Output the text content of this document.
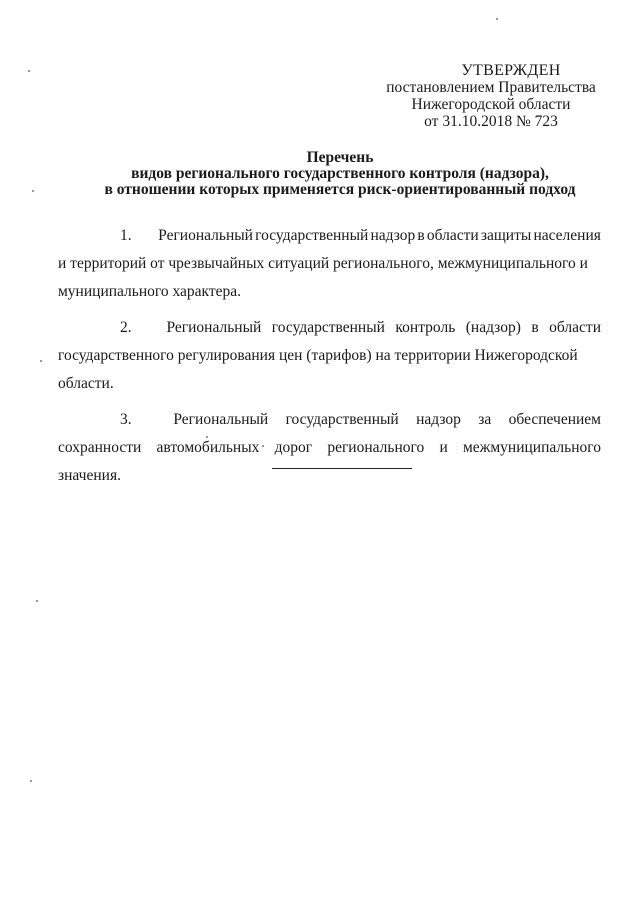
УТВЕРЖДЕН
постановлением Правительства
Нижегородской области
от 31.10.2018 № 723
Перечень
видов регионального государственного контроля (надзора),
в отношении которых применяется риск-ориентированный подход
1.	Региональный государственный надзор в области защиты населения
и территорий от чрезвычайных ситуаций регионального, межмуниципального и
муниципального характера.
2.	Региональный государственный контроль (надзор) в области
государственного регулирования цен (тарифов) на территории Нижегородской
области.
3.	Региональный государственный надзор за обеспечением
сохранности автомобильных дорог регионального и межмуниципального
значения.
